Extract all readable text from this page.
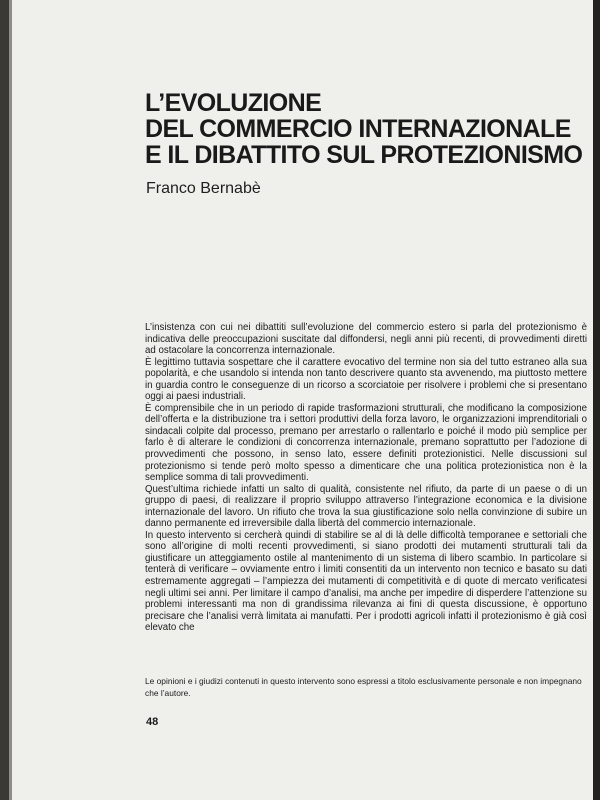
L’EVOLUZIONE
DEL COMMERCIO INTERNAZIONALE
E IL DIBATTITO SUL PROTEZIONISMO
Franco Bernabè

L’insistenza con cui nei dibattiti sull’evoluzione del commercio estero si parla del protezionismo è indicativa delle preoccupazioni suscitate dal diffondersi, negli anni più recenti, di provvedimenti diretti ad ostacolare la concorrenza internazionale.

È legittimo tuttavia sospettare che il carattere evocativo del termine non sia del tutto estraneo alla sua popolarità, e che usandolo si intenda non tanto descrivere quanto sta avvenendo, ma piuttosto mettere in guardia contro le conseguenze di un ricorso a scorciatoie per risolvere i problemi che si presentano oggi ai paesi industriali.

È comprensibile che in un periodo di rapide trasformazioni strutturali, che modificano la composizione dell’offerta e la distribuzione tra i settori produttivi della forza lavoro, le organizzazioni imprenditoriali o sindacali colpite dal processo, premano per arrestarlo o rallentarlo e poiché il modo più semplice per farlo è di alterare le condizioni di concorrenza internazionale, premano soprattutto per l’adozione di provvedimenti che possono, in senso lato, essere definiti protezionistici. Nelle discussioni sul protezionismo si tende però molto spesso a dimenticare che una politica protezionistica non è la semplice somma di tali provvedimenti.

Quest’ultima richiede infatti un salto di qualità, consistente nel rifiuto, da parte di un paese o di un gruppo di paesi, di realizzare il proprio sviluppo attraverso l’integrazione economica e la divisione internazionale del lavoro. Un rifiuto che trova la sua giustificazione solo nella convinzione di subire un danno permanente ed irreversibile dalla libertà del commercio internazionale.

In questo intervento si cercherà quindi di stabilire se al di là delle difficoltà temporanee e settoriali che sono all’origine di molti recenti provvedimenti, si siano prodotti dei mutamenti strutturali tali da giustificare un atteggiamento ostile al mantenimento di un sistema di libero scambio. In particolare si tenterà di verificare – ovviamente entro i limiti consentiti da un intervento non tecnico e basato su dati estremamente aggregati – l’ampiezza dei mutamenti di competitività e di quote di mercato verificatesi negli ultimi sei anni. Per limitare il campo d’analisi, ma anche per impedire di disperdere l’attenzione su problemi interessanti ma non di grandissima rilevanza ai fini di questa discussione, è opportuno precisare che l’analisi verrà limitata ai manufatti. Per i prodotti agricoli infatti il protezionismo è già così elevato che

Le opinioni e i giudizi contenuti in questo intervento sono espressi a titolo esclusivamente personale e non impegnano che l’autore.

48
